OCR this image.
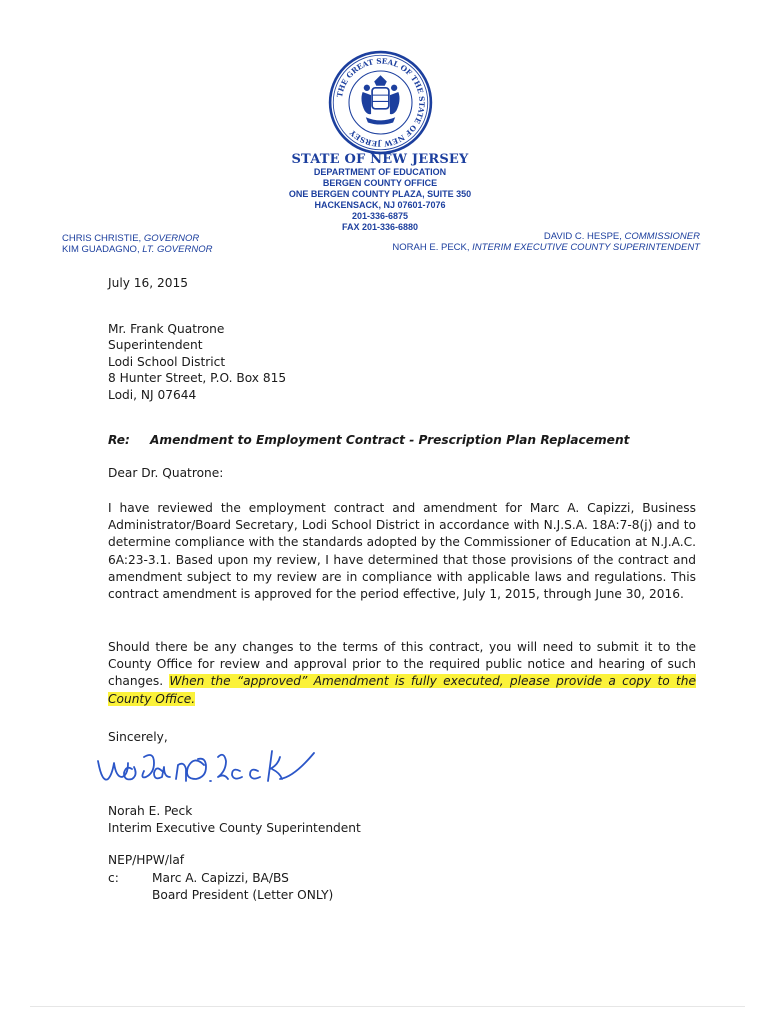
THE GREAT SEAL OF THE STATE OF NEW JERSEY
STATE OF NEW JERSEY
DEPARTMENT OF EDUCATION
BERGEN COUNTY OFFICE
ONE BERGEN COUNTY PLAZA, SUITE 350
HACKENSACK, NJ 07601-7076
201-336-6875
FAX 201-336-6880
CHRIS CHRISTIE, GOVERNOR
KIM GUADAGNO, LT. GOVERNOR
DAVID C. HESPE, COMMISSIONER
NORAH E. PECK, INTERIM EXECUTIVE COUNTY SUPERINTENDENT
July 16, 2015
Mr. Frank Quatrone
Superintendent
Lodi School District
8 Hunter Street, P.O. Box 815
Lodi, NJ 07644
Re: Amendment to Employment Contract - Prescription Plan Replacement
Dear Dr. Quatrone:
I have reviewed the employment contract and amendment for Marc A. Capizzi, Business Administrator/Board Secretary, Lodi School District in accordance with N.J.S.A. 18A:7-8(j) and to determine compliance with the standards adopted by the Commissioner of Education at N.J.A.C. 6A:23-3.1. Based upon my review, I have determined that those provisions of the contract and amendment subject to my review are in compliance with applicable laws and regulations. This contract amendment is approved for the period effective, July 1, 2015, through June 30, 2016.
Should there be any changes to the terms of this contract, you will need to submit it to the County Office for review and approval prior to the required public notice and hearing of such changes. When the “approved” Amendment is fully executed, please provide a copy to the County Office.
Sincerely,
Norah E. Peck
Interim Executive County Superintendent
NEP/HPW/laf
c:	Marc A. Capizzi, BA/BS
Board President (Letter ONLY)
